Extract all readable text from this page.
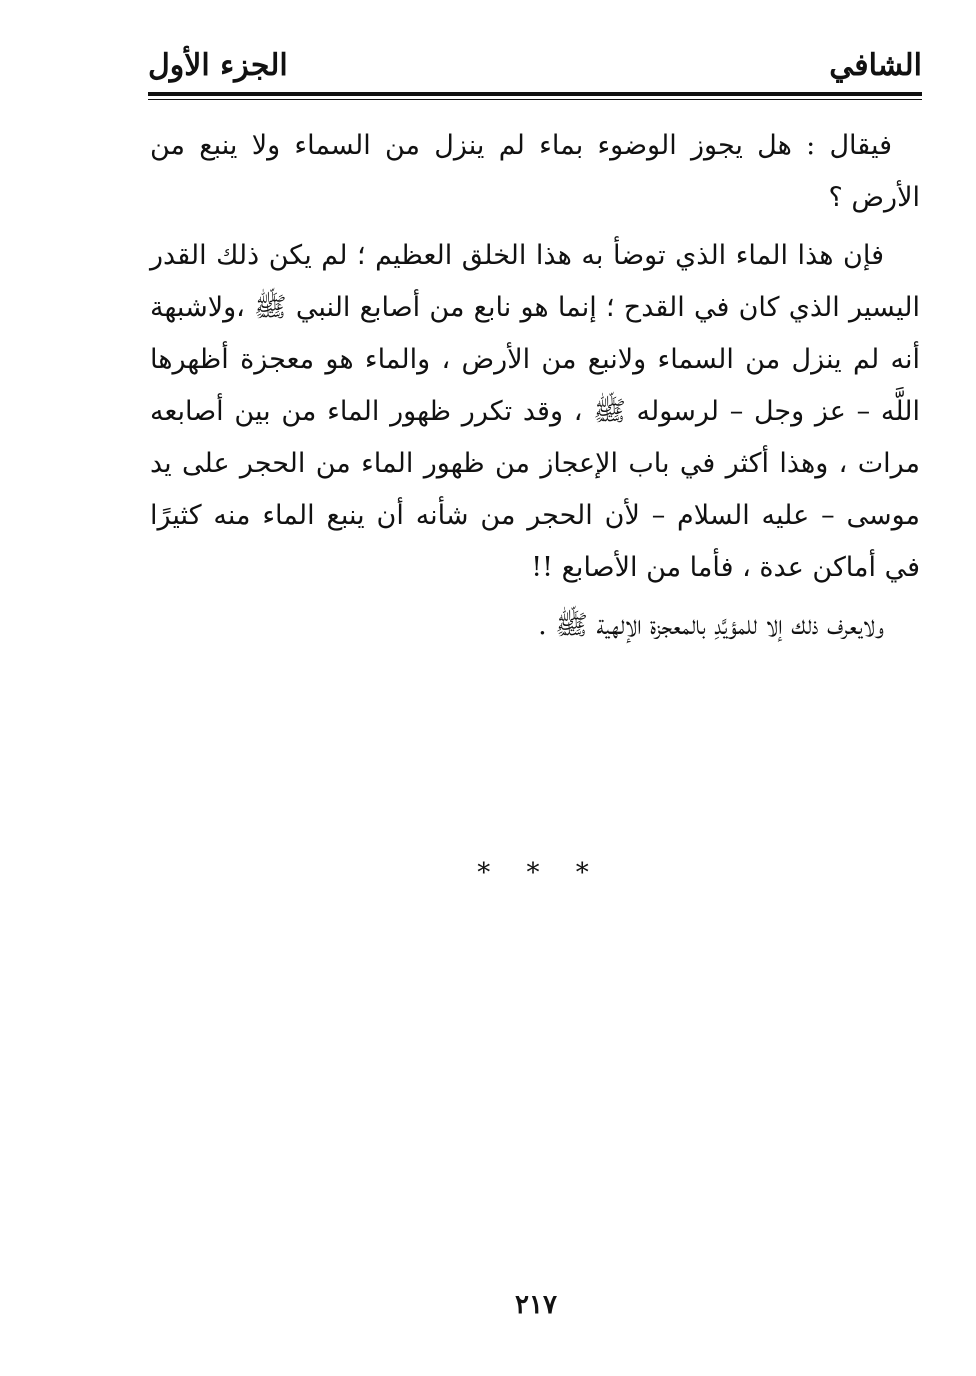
الشافي
الجزء الأول

فيقال : هل يجوز الوضوء بماء لم ينزل من السماء ولا ينبع من الأرض ؟

فإن هذا الماء الذي توضأ به هذا الخلق العظيم ؛ لم يكن ذلك القدر اليسير الذي كان في القدح ؛ إنما هو نابع من أصابع النبي ﷺ ،ولاشبهة أنه لم ينزل من السماء ولانبع من الأرض ، والماء هو معجزة أظهرها اللَّه – عز وجل – لرسوله ﷺ ، وقد تكرر ظهور الماء من بين أصابعه مرات ، وهذا أكثر في باب الإعجاز من ظهور الماء من الحجر على يد موسى – عليه السلام – لأن الحجر من شأنه أن ينبع الماء منه كثيرًا في أماكن عدة ، فأما من الأصابع !!

ولايعرف ذلك إلا للمؤيَّدِ بالمعجزة الإلهية ﷺ .

* * *
٢١٧
